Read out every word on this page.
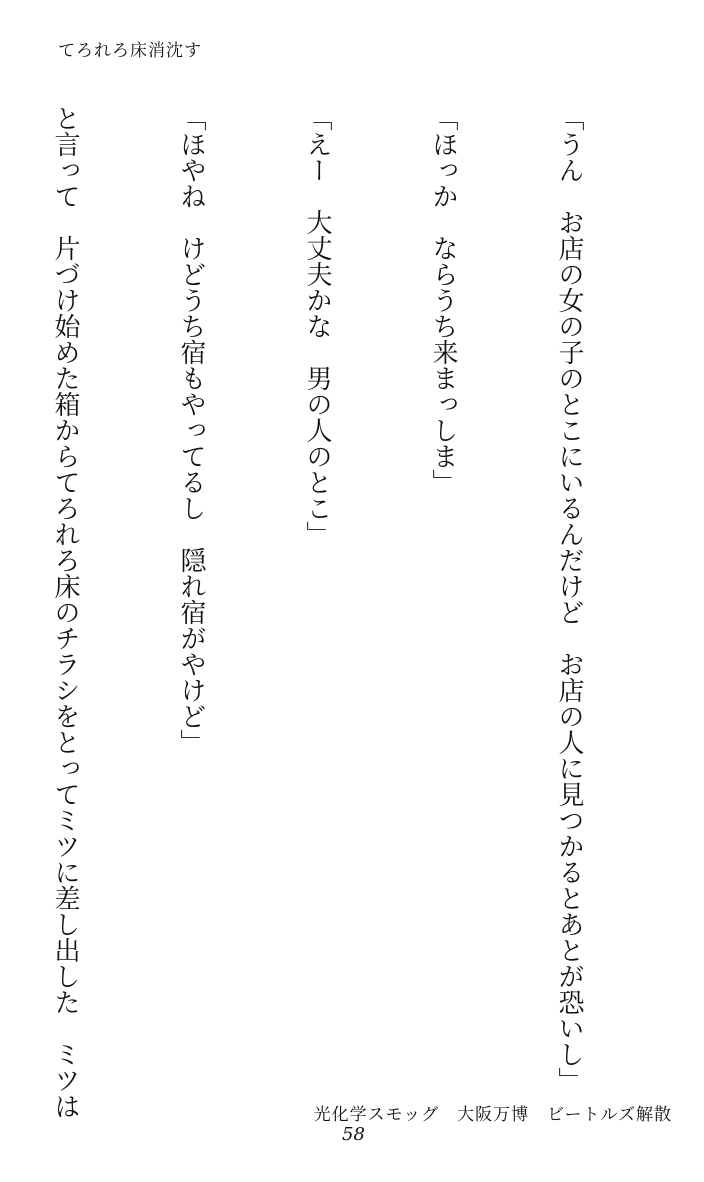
てろれろ床消沈す

「うん　お店の女の子のとこにいるんだけど　お店の人に見つかるとあとが恐いし」

「ほっか　ならうち来まっしま」

「えー　大丈夫かな　男の人のとこ」

「ほやね　けどうち宿もやってるし　隠れ宿がやけど」

と言って　片づけ始めた箱からてろれろ床のチラシをとってミツに差し出した　ミツは

	光化学スモッグ　大阪万博　ビートルズ解散
58
